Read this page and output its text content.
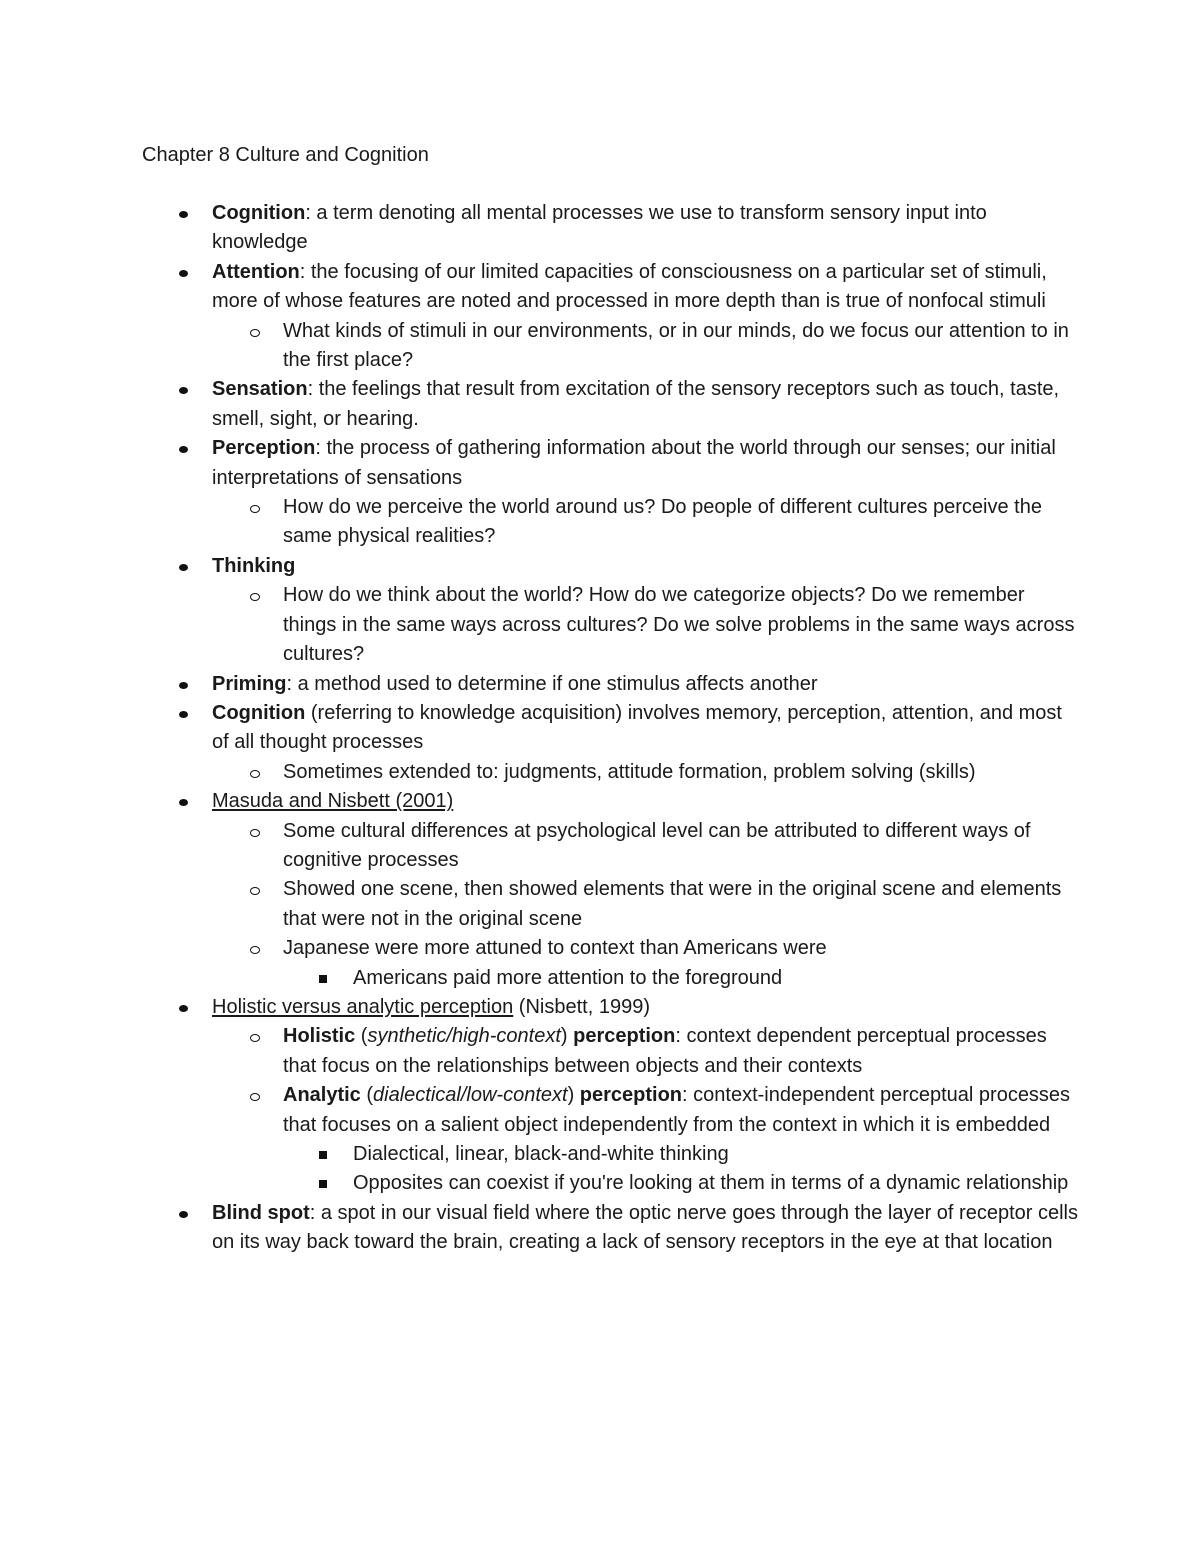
Chapter 8 Culture and Cognition
Cognition: a term denoting all mental processes we use to transform sensory input into knowledge
Attention: the focusing of our limited capacities of consciousness on a particular set of stimuli, more of whose features are noted and processed in more depth than is true of nonfocal stimuli
What kinds of stimuli in our environments, or in our minds, do we focus our attention to in the first place?
Sensation: the feelings that result from excitation of the sensory receptors such as touch, taste, smell, sight, or hearing.
Perception: the process of gathering information about the world through our senses; our initial interpretations of sensations
How do we perceive the world around us? Do people of different cultures perceive the same physical realities?
Thinking
How do we think about the world? How do we categorize objects? Do we remember things in the same ways across cultures? Do we solve problems in the same ways across cultures?
Priming: a method used to determine if one stimulus affects another
Cognition (referring to knowledge acquisition) involves memory, perception, attention, and most of all thought processes
Sometimes extended to: judgments, attitude formation, problem solving (skills)
Masuda and Nisbett (2001)
Some cultural differences at psychological level can be attributed to different ways of cognitive processes
Showed one scene, then showed elements that were in the original scene and elements that were not in the original scene
Japanese were more attuned to context than Americans were
Americans paid more attention to the foreground
Holistic versus analytic perception (Nisbett, 1999)
Holistic (synthetic/high-context) perception: context dependent perceptual processes that focus on the relationships between objects and their contexts
Analytic (dialectical/low-context) perception: context-independent perceptual processes that focuses on a salient object independently from the context in which it is embedded
Dialectical, linear, black-and-white thinking
Opposites can coexist if you're looking at them in terms of a dynamic relationship
Blind spot: a spot in our visual field where the optic nerve goes through the layer of receptor cells on its way back toward the brain, creating a lack of sensory receptors in the eye at that location
